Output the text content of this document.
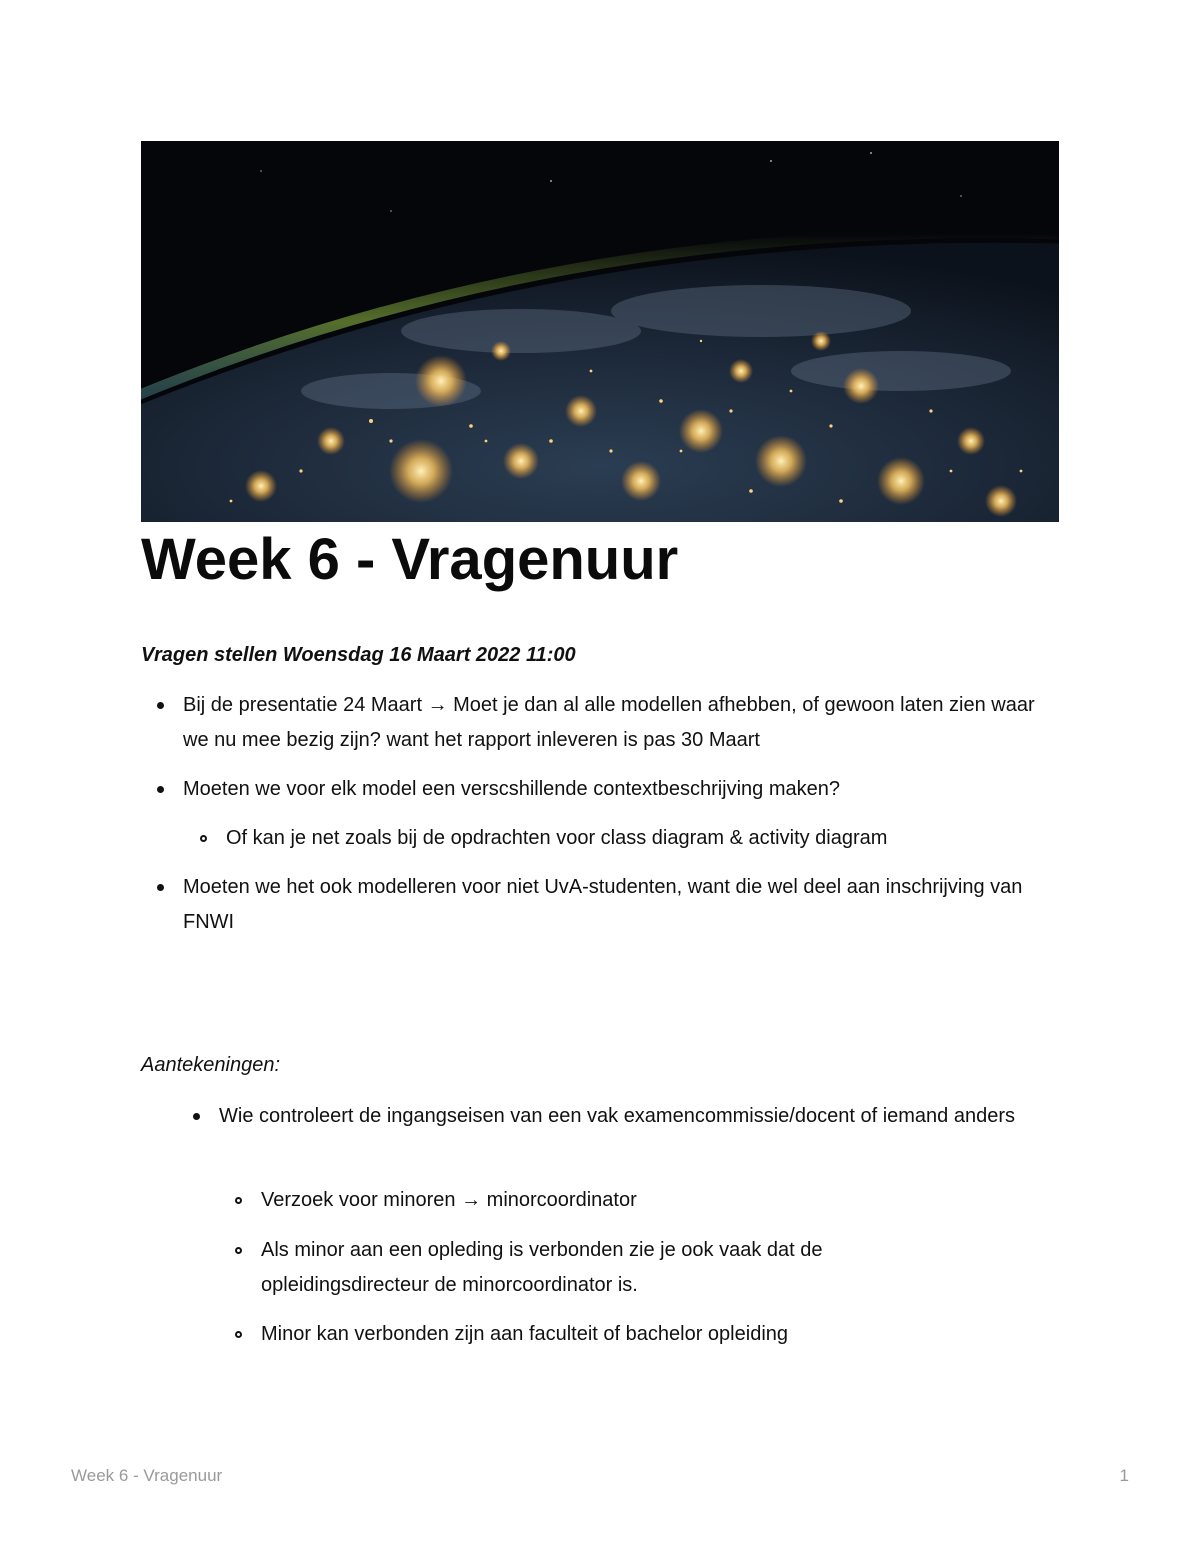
Week 6 - Vragenuur

Vragen stellen Woensdag 16 Maart 2022 11:00

Bij de presentatie 24 Maart → Moet je dan al alle modellen afhebben, of gewoon laten zien waar we nu mee bezig zijn? want het rapport inleveren is pas 30 Maart
Moeten we voor elk model een verscshillende contextbeschrijving maken?
Of kan je net zoals bij de opdrachten voor class diagram & activity diagram
Moeten we het ook modelleren voor niet UvA-studenten, want die wel deel aan inschrijving van FNWI

Aantekeningen:

Wie controleert de ingangseisen van een vak examencommissie/docent of iemand anders
Verzoek voor minoren → minorcoordinator
Als minor aan een opleding is verbonden zie je ook vaak dat de opleidingsdirecteur de minorcoordinator is.
Minor kan verbonden zijn aan faculteit of bachelor opleiding
Week 6 - Vragenuur	1
